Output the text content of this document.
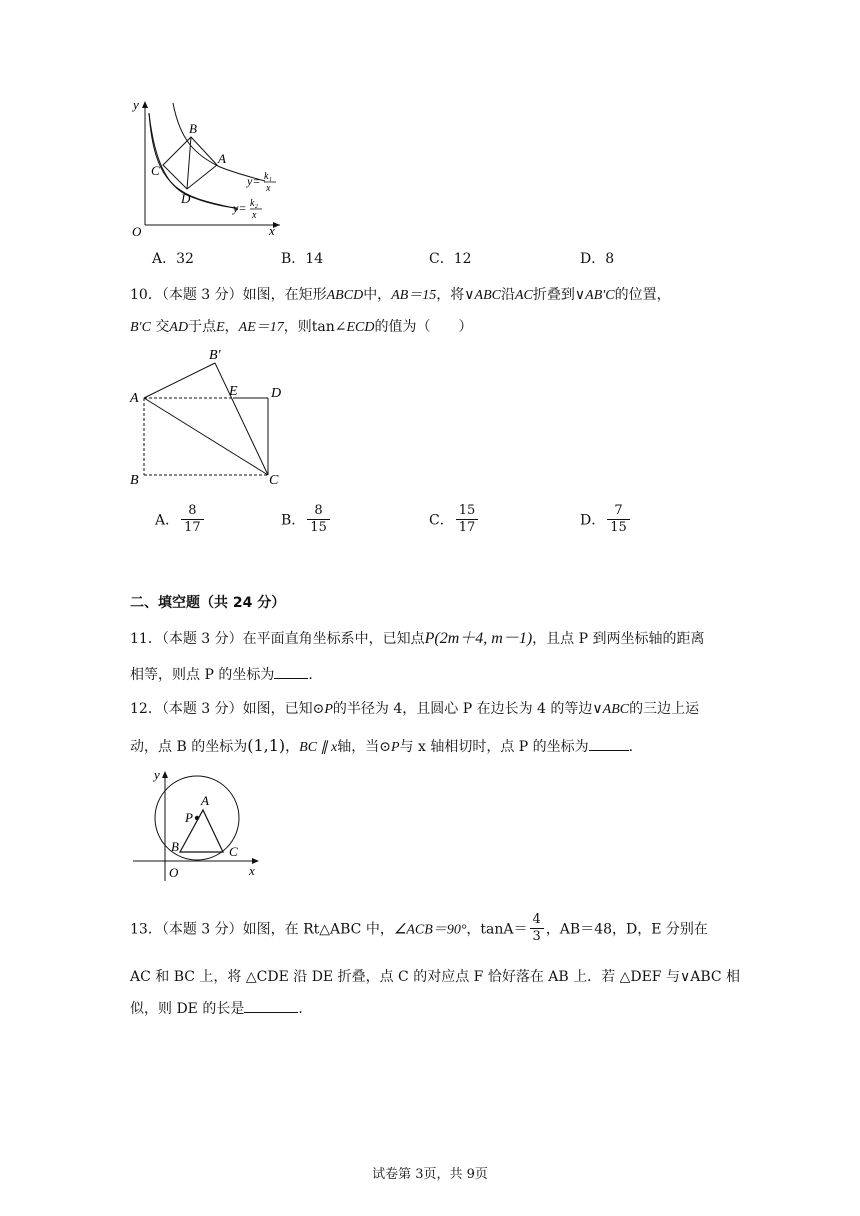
y
x
O
B
A
C
D
y= k₁
x
y= k₂
x
A．32	B．14	C．12	D．8
10．（本题 3 分）如图，在矩形ABCD中，AB＝15，将∨ABC沿AC折叠到∨AB′C的位置，
B′C 交AD于点E，AE＝17，则tan∠ECD的值为（　　）
A
B	C
D
E
B′
A． $\frac{8}{17}$	B． $\frac{8}{15}$	C． $\frac{15}{17}$	D． $\frac{7}{15}$
二、填空题（共 24 分）
11．（本题 3 分）在平面直角坐标系中，已知点P(2m＋4, m－1)，且点 P 到两坐标轴的距离
相等，则点 P 的坐标为 .
12．（本题 3 分）如图，已知⊙P的半径为 4，且圆心 P 在边长为 4 的等边∨ABC的三边上运
动，点 B 的坐标为(1,1)，BC ∥ x轴，当⊙P与 x 轴相切时，点 P 的坐标为	.
y
x
O
A
P
B	C
13．（本题 3 分）如图，在 Rt△ABC 中，∠ACB＝90°，$\tan A= \frac{4}{3}$ ，AB＝48，D，E 分别在
AC 和 BC 上，将 △CDE 沿 DE 折叠，点 C 的对应点 F 恰好落在 AB 上．若 △DEF 与∨ABC 相
似，则 DE 的长是	.
试卷第 3页，共 9页
